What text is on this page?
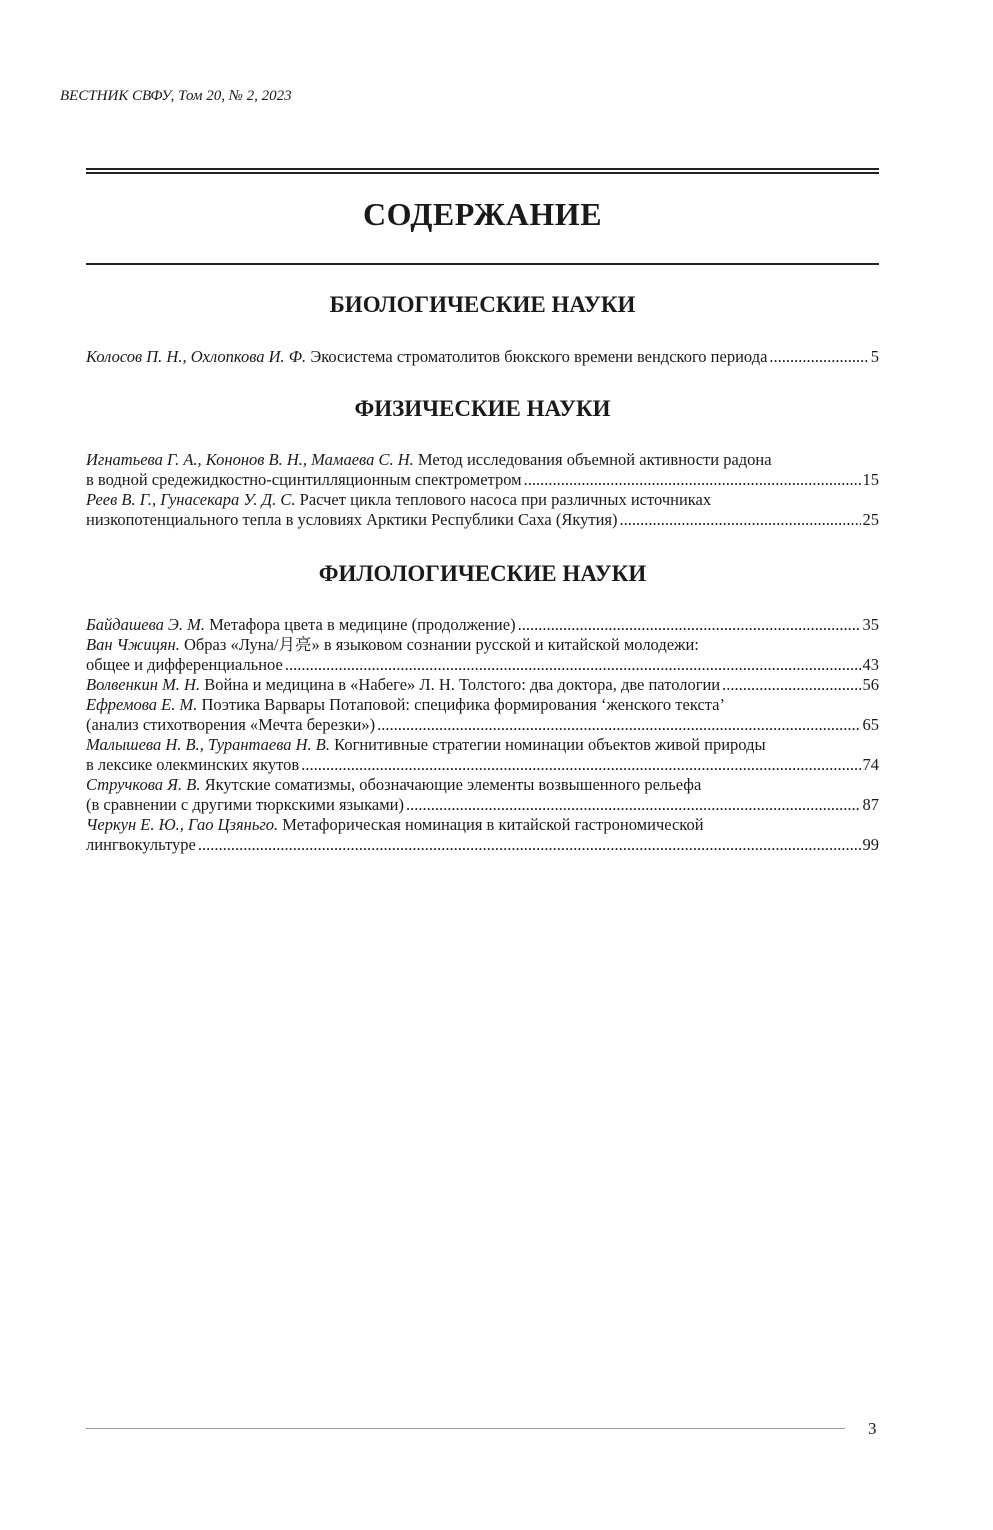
ВЕСТНИК СВФУ, Том 20, № 2, 2023
СОДЕРЖАНИЕ
БИОЛОГИЧЕСКИЕ НАУКИ
Колосов П. Н., Охлопкова И. Ф.
Экосистема строматолитов бюкского времени вендского периода .....	5
ФИЗИЧЕСКИЕ НАУКИ
Игнатьева Г. А., Кононов В. Н., Мамаева С. Н.
Метод исследования объемной активности радона
в водной средежидкостно-сцинтилляционным спектрометром .....	15
Реев В. Г., Гунасекара У. Д. С.
Расчет цикла теплового насоса при различных источниках
низкопотенциального тепла в условиях Арктики Республики Саха (Якутия) .....	25
ФИЛОЛОГИЧЕСКИЕ НАУКИ
Байдашева Э. М.
Метафора цвета в медицине (продолжение) .....	35
Ван Чжицян.
Образ «Луна/月亮» в языковом сознании русской и китайской молодежи:
общее и дифференциальное .....	43
Волвенкин М. Н.
Война и медицина в «Набеге» Л. Н. Толстого: два доктора, две патологии .....	56
Ефремова Е. М.
Поэтика Варвары Потаповой: специфика формирования ‘женского текста’
(анализ стихотворения «Мечта березки») .....	65
Малышева Н. В., Турантаева Н. В.
Когнитивные стратегии номинации объектов живой природы
в лексике олекминских якутов .....	74
Стручкова Я. В.
Якутские соматизмы, обозначающие элементы возвышенного рельефа
(в сравнении с другими тюркскими языками) .....	87
Черкун Е. Ю., Гао Цзяньго.
Метафорическая номинация в китайской гастрономической
лингвокультуре .....	99
3
